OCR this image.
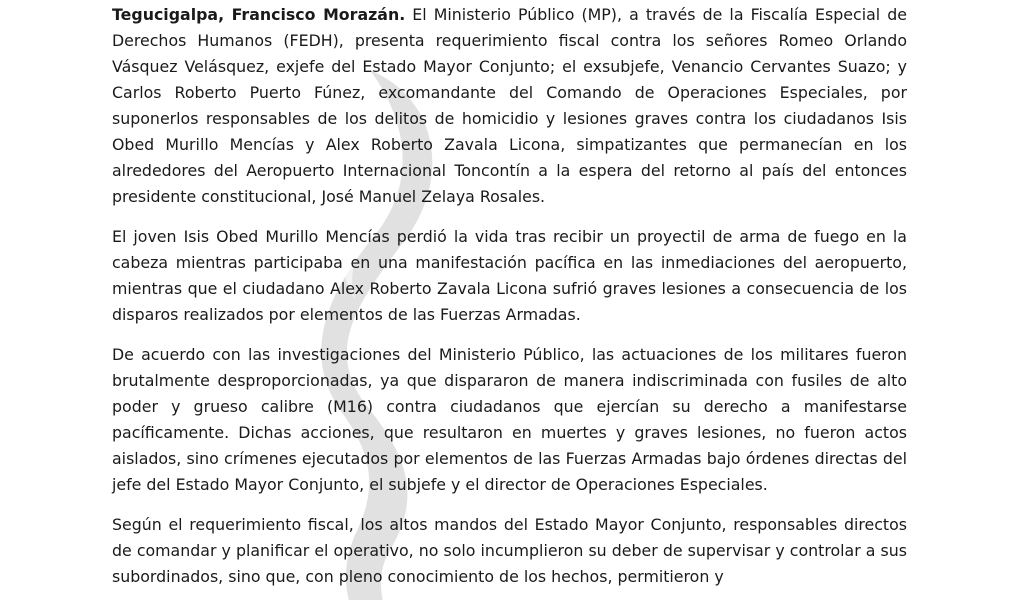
Tegucigalpa, Francisco Morazán. El Ministerio Público (MP), a través de la Fiscalía Especial de Derechos Humanos (FEDH), presenta requerimiento fiscal contra los señores Romeo Orlando Vásquez Velásquez, exjefe del Estado Mayor Conjunto; el exsubjefe, Venancio Cervantes Suazo; y Carlos Roberto Puerto Fúnez, excomandante del Comando de Operaciones Especiales, por suponerlos responsables de los delitos de homicidio y lesiones graves contra los ciudadanos Isis Obed Murillo Mencías y Alex Roberto Zavala Licona, simpatizantes que permanecían en los alrededores del Aeropuerto Internacional Toncontín a la espera del retorno al país del entonces presidente constitucional, José Manuel Zelaya Rosales.

El joven Isis Obed Murillo Mencías perdió la vida tras recibir un proyectil de arma de fuego en la cabeza mientras participaba en una manifestación pacífica en las inmediaciones del aeropuerto, mientras que el ciudadano Alex Roberto Zavala Licona sufrió graves lesiones a consecuencia de los disparos realizados por elementos de las Fuerzas Armadas.

De acuerdo con las investigaciones del Ministerio Público, las actuaciones de los militares fueron brutalmente desproporcionadas, ya que dispararon de manera indiscriminada con fusiles de alto poder y grueso calibre (M16) contra ciudadanos que ejercían su derecho a manifestarse pacíficamente. Dichas acciones, que resultaron en muertes y graves lesiones, no fueron actos aislados, sino crímenes ejecutados por elementos de las Fuerzas Armadas bajo órdenes directas del jefe del Estado Mayor Conjunto, el subjefe y el director de Operaciones Especiales.

Según el requerimiento fiscal, los altos mandos del Estado Mayor Conjunto, responsables directos de comandar y planificar el operativo, no solo incumplieron su deber de supervisar y controlar a sus subordinados, sino que, con pleno conocimiento de los hechos, permitieron y
